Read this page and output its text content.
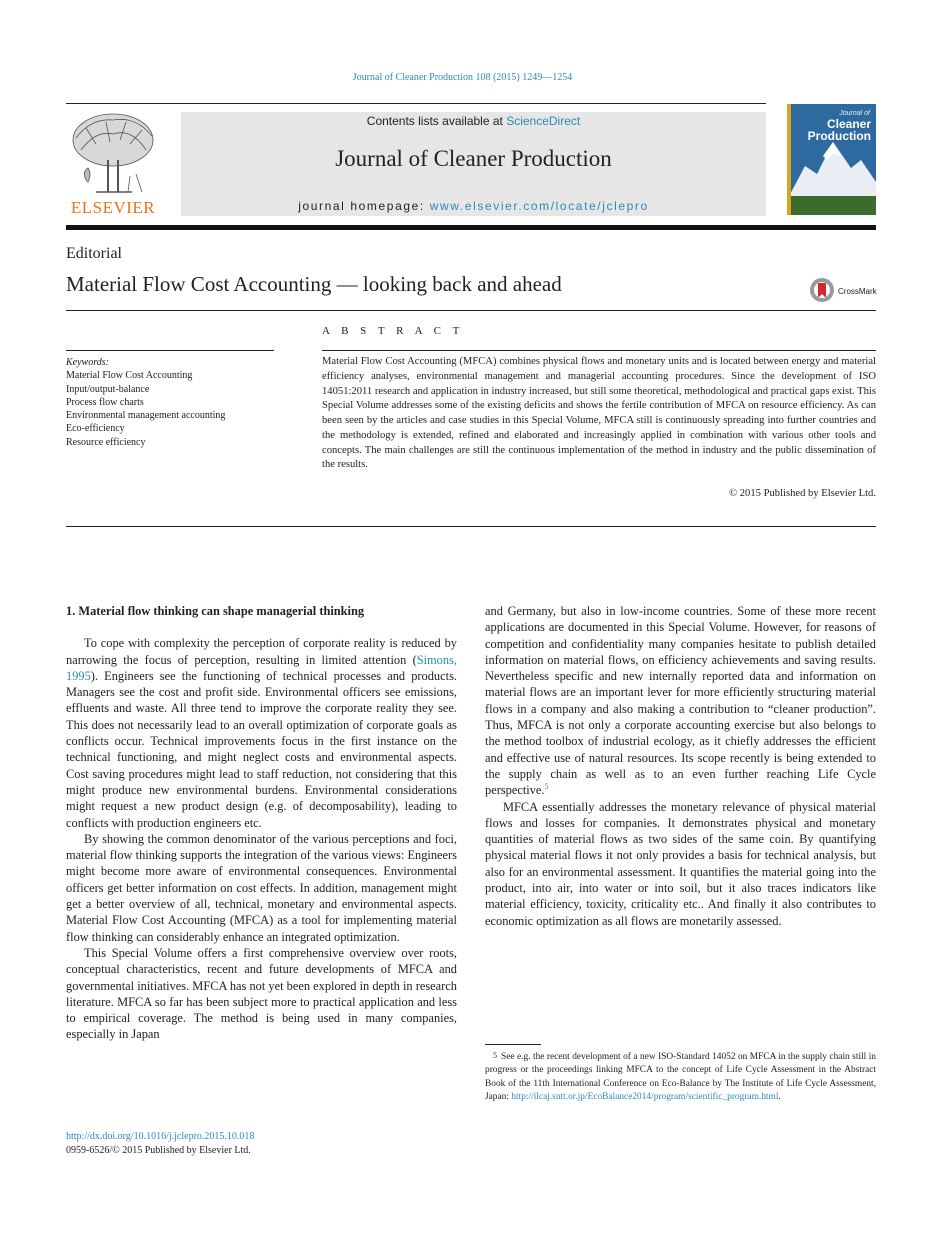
Journal of Cleaner Production 108 (2015) 1249—1254
ELSEVIER
Contents lists available at ScienceDirect
Journal of Cleaner Production
journal homepage: www.elsevier.com/locate/jclepro
Journal of
Cleaner
Production
Editorial
Material Flow Cost Accounting — looking back and ahead	CrossMark
A B S T R A C T
Keywords:
Material Flow Cost Accounting
Input/output-balance
Process flow charts
Environmental management accounting
Eco-efficiency
Resource efficiency
Material Flow Cost Accounting (MFCA) combines physical flows and monetary units and is located between energy and material efficiency analyses, environmental management and managerial accounting procedures. Since the development of ISO 14051:2011 research and application in industry increased, but still some theoretical, methodological and practical gaps exist. This Special Volume addresses some of the existing deficits and shows the fertile contribution of MFCA on resource efficiency. As can been seen by the articles and case studies in this Special Volume, MFCA still is continuously spreading into further countries and the methodology is extended, refined and elaborated and increasingly applied in combination with various other tools and concepts. The main challenges are still the continuous implementation of the method in industry and the public dissemination of the results.
© 2015 Published by Elsevier Ltd.
1. Material flow thinking can shape managerial thinking

To cope with complexity the perception of corporate reality is reduced by narrowing the focus of perception, resulting in limited attention (Simons, 1995). Engineers see the functioning of technical processes and products. Managers see the cost and profit side. Environmental officers see emissions, effluents and waste. All three tend to improve the corporate reality they see. This does not necessarily lead to an overall optimization of corporate goals as conflicts occur. Technical improvements focus in the first instance on the technical functioning, and might neglect costs and environmental aspects. Cost saving procedures might lead to staff reduction, not considering that this might produce new environmental burdens. Environmental considerations might request a new product design (e.g. of decomposability), leading to conflicts with production engineers etc.

By showing the common denominator of the various perceptions and foci, material flow thinking supports the integration of the various views: Engineers might become more aware of environmental consequences. Environmental officers get better information on cost effects. In addition, management might get a better overview of all, technical, monetary and environmental aspects. Material Flow Cost Accounting (MFCA) as a tool for implementing material flow thinking can considerably enhance an integrated optimization.

This Special Volume offers a first comprehensive overview over roots, conceptual characteristics, recent and future developments of MFCA and governmental initiatives. MFCA has not yet been explored in depth in research literature. MFCA so far has been subject more to practical application and less to empirical coverage. The method is being used in many companies, especially in Japan

and Germany, but also in low-income countries. Some of these more recent applications are documented in this Special Volume. However, for reasons of competition and confidentiality many companies hesitate to publish detailed information on material flows, on efficiency achievements and saving results. Nevertheless specific and new internally reported data and information on material flows are an important lever for more efficiently structuring material flows in a company and also making a contribution to “cleaner production”. Thus, MFCA is not only a corporate accounting exercise but also belongs to the method toolbox of industrial ecology, as it chiefly addresses the efficient and effective use of natural resources. Its scope recently is being extended to the supply chain as well as to an even further reaching Life Cycle perspective.$^5$

MFCA essentially addresses the monetary relevance of physical material flows and losses for companies. It demonstrates physical and monetary quantities of material flows as two sides of the same coin. By quantifying physical material flows it not only provides a basis for technical analysis, but also for an environmental assessment. It quantifies the material going into the product, into air, into water or into soil, but it also traces indicators like material efficiency, toxicity, criticality etc.. And finally it also contributes to economic optimization as all flows are monetarily assessed.

5 See e.g. the recent development of a new ISO-Standard 14052 on MFCA in the supply chain still in progress or the proceedings linking MFCA to the concept of Life Cycle Assessment in the Abstract Book of the 11th International Conference on Eco-Balance by The Institute of Life Cycle Assessment, Japan: http://ilcaj.sntt.or.jp/EcoBalance2014/program/scientific_program.html.
http://dx.doi.org/10.1016/j.jclepro.2015.10.018
0959-6526/© 2015 Published by Elsevier Ltd.
